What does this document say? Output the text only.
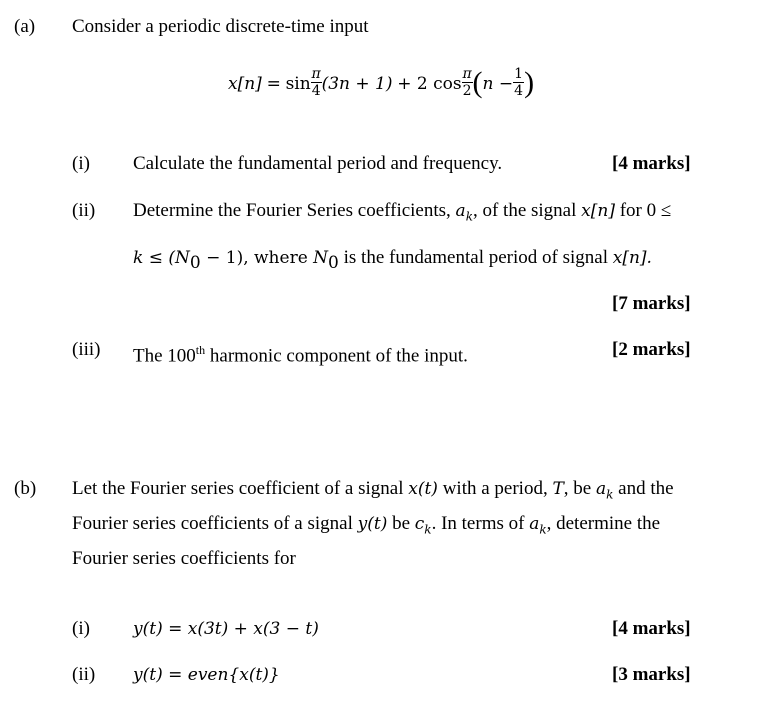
(a) Consider a periodic discrete-time input
$x[n] = \sin \frac{\pi}{4} (3n + 1) + 2$ $\cos \frac{\pi}{2} (n - \frac{1}{4}$ )
(i) Calculate the fundamental period and frequency.	[4 marks]
(ii) Determine the Fourier Series coefficients, $a_k$, of the signal x[n] for 0 ≤
$k \le (N_0 - 1)$, where $N_0$ is the fundamental period of signal x[n].
[7 marks]
(iii) The 100th harmonic component of the input.	[2 marks]
(b) Let the Fourier series coefficient of a signal x(t) with a period, T, be $a_k$ and the
Fourier series coefficients of a signal y(t) be $c_k$. In terms of $a_k$, determine the
Fourier series coefficients for
(i)	y(t) = x(3t) + x(3 − t)	[4 marks]
(ii) y(t) = even{x(t)}	[3 marks]
